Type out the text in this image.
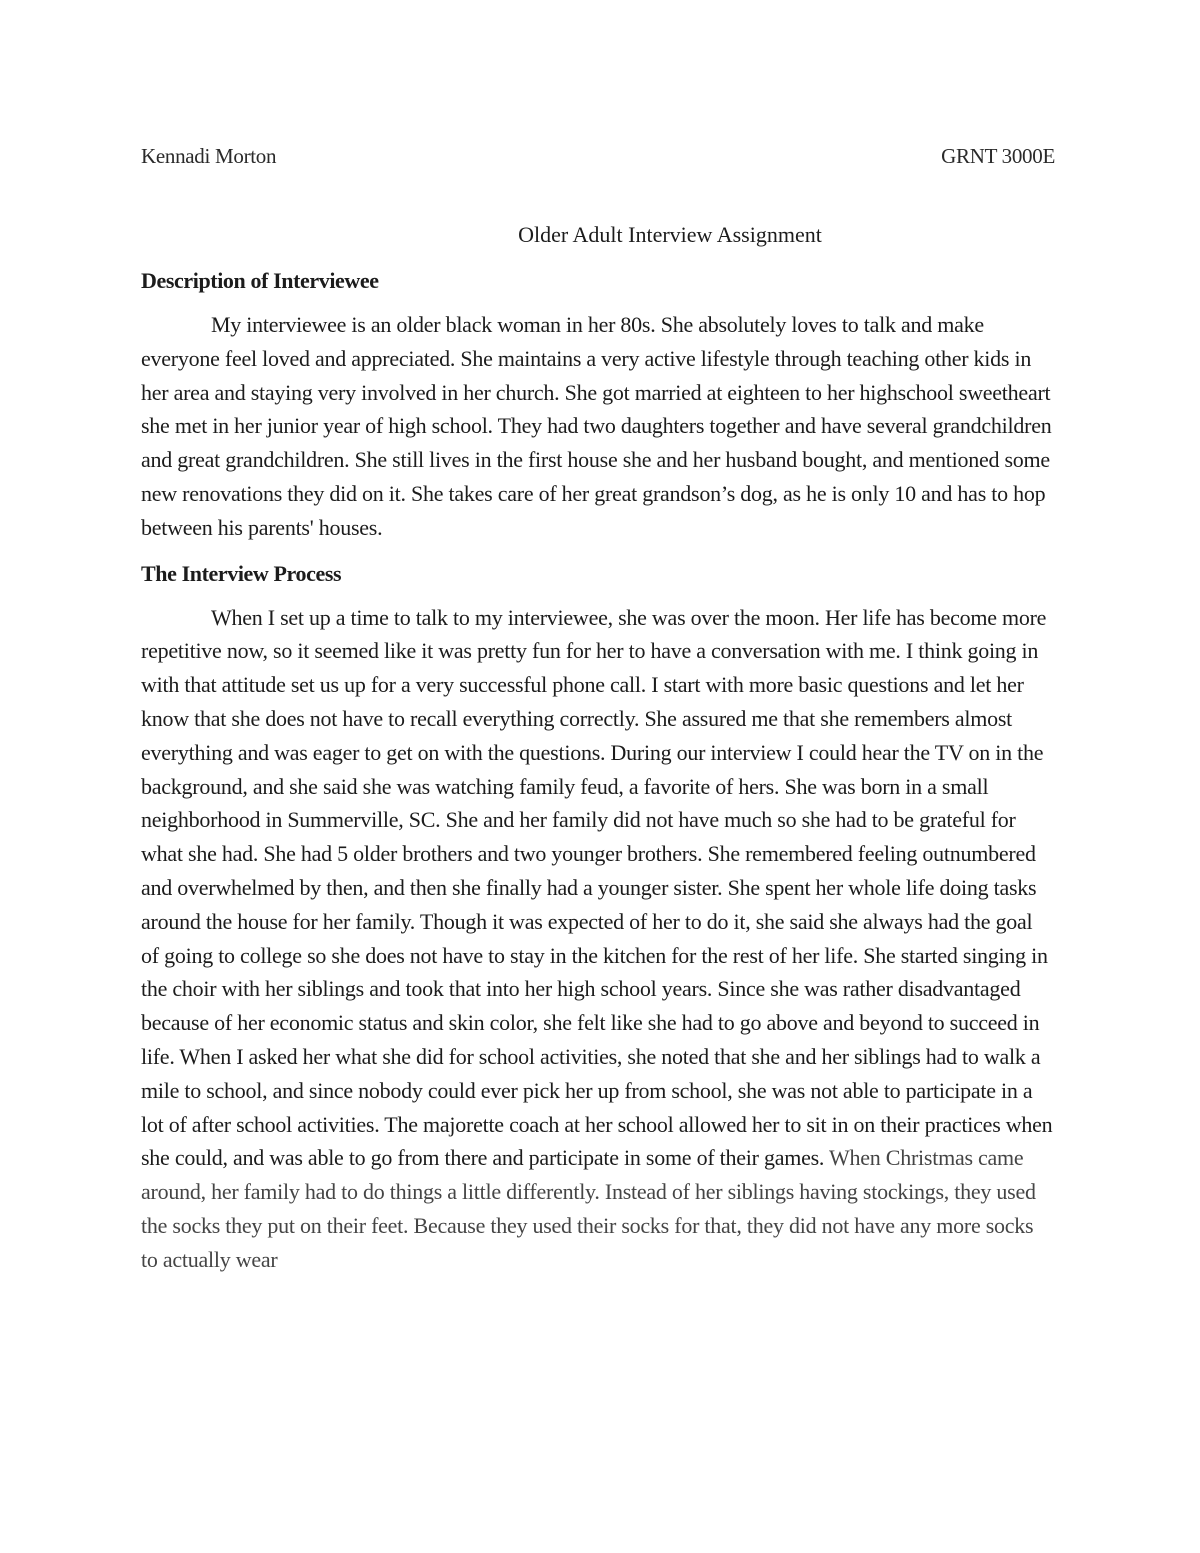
Kennadi Morton	GRNT 3000E
Older Adult Interview Assignment
Description of Interviewee

My interviewee is an older black woman in her 80s. She absolutely loves to talk and make everyone feel loved and appreciated. She maintains a very active lifestyle through teaching other kids in her area and staying very involved in her church. She got married at eighteen to her highschool sweetheart she met in her junior year of high school. They had two daughters together and have several grandchildren and great grandchildren. She still lives in the first house she and her husband bought, and mentioned some new renovations they did on it. She takes care of her great grandson’s dog, as he is only 10 and has to hop between his parents' houses.

The Interview Process

When I set up a time to talk to my interviewee, she was over the moon. Her life has become more repetitive now, so it seemed like it was pretty fun for her to have a conversation with me. I think going in with that attitude set us up for a very successful phone call. I start with more basic questions and let her know that she does not have to recall everything correctly. She assured me that she remembers almost everything and was eager to get on with the questions. During our interview I could hear the TV on in the background, and she said she was watching family feud, a favorite of hers. She was born in a small neighborhood in Summerville, SC. She and her family did not have much so she had to be grateful for what she had. She had 5 older brothers and two younger brothers. She remembered feeling outnumbered and overwhelmed by then, and then she finally had a younger sister. She spent her whole life doing tasks around the house for her family. Though it was expected of her to do it, she said she always had the goal of going to college so she does not have to stay in the kitchen for the rest of her life. She started singing in the choir with her siblings and took that into her high school years. Since she was rather disadvantaged because of her economic status and skin color, she felt like she had to go above and beyond to succeed in life. When I asked her what she did for school activities, she noted that she and her siblings had to walk a mile to school, and since nobody could ever pick her up from school, she was not able to participate in a lot of after school activities. The majorette coach at her school allowed her to sit in on their practices when she could, and was able to go from there and participate in some of their games. When Christmas came around, her family had to do things a little differently. Instead of her siblings having stockings, they used the socks they put on their feet. Because they used their socks for that, they did not have any more socks to actually wear
